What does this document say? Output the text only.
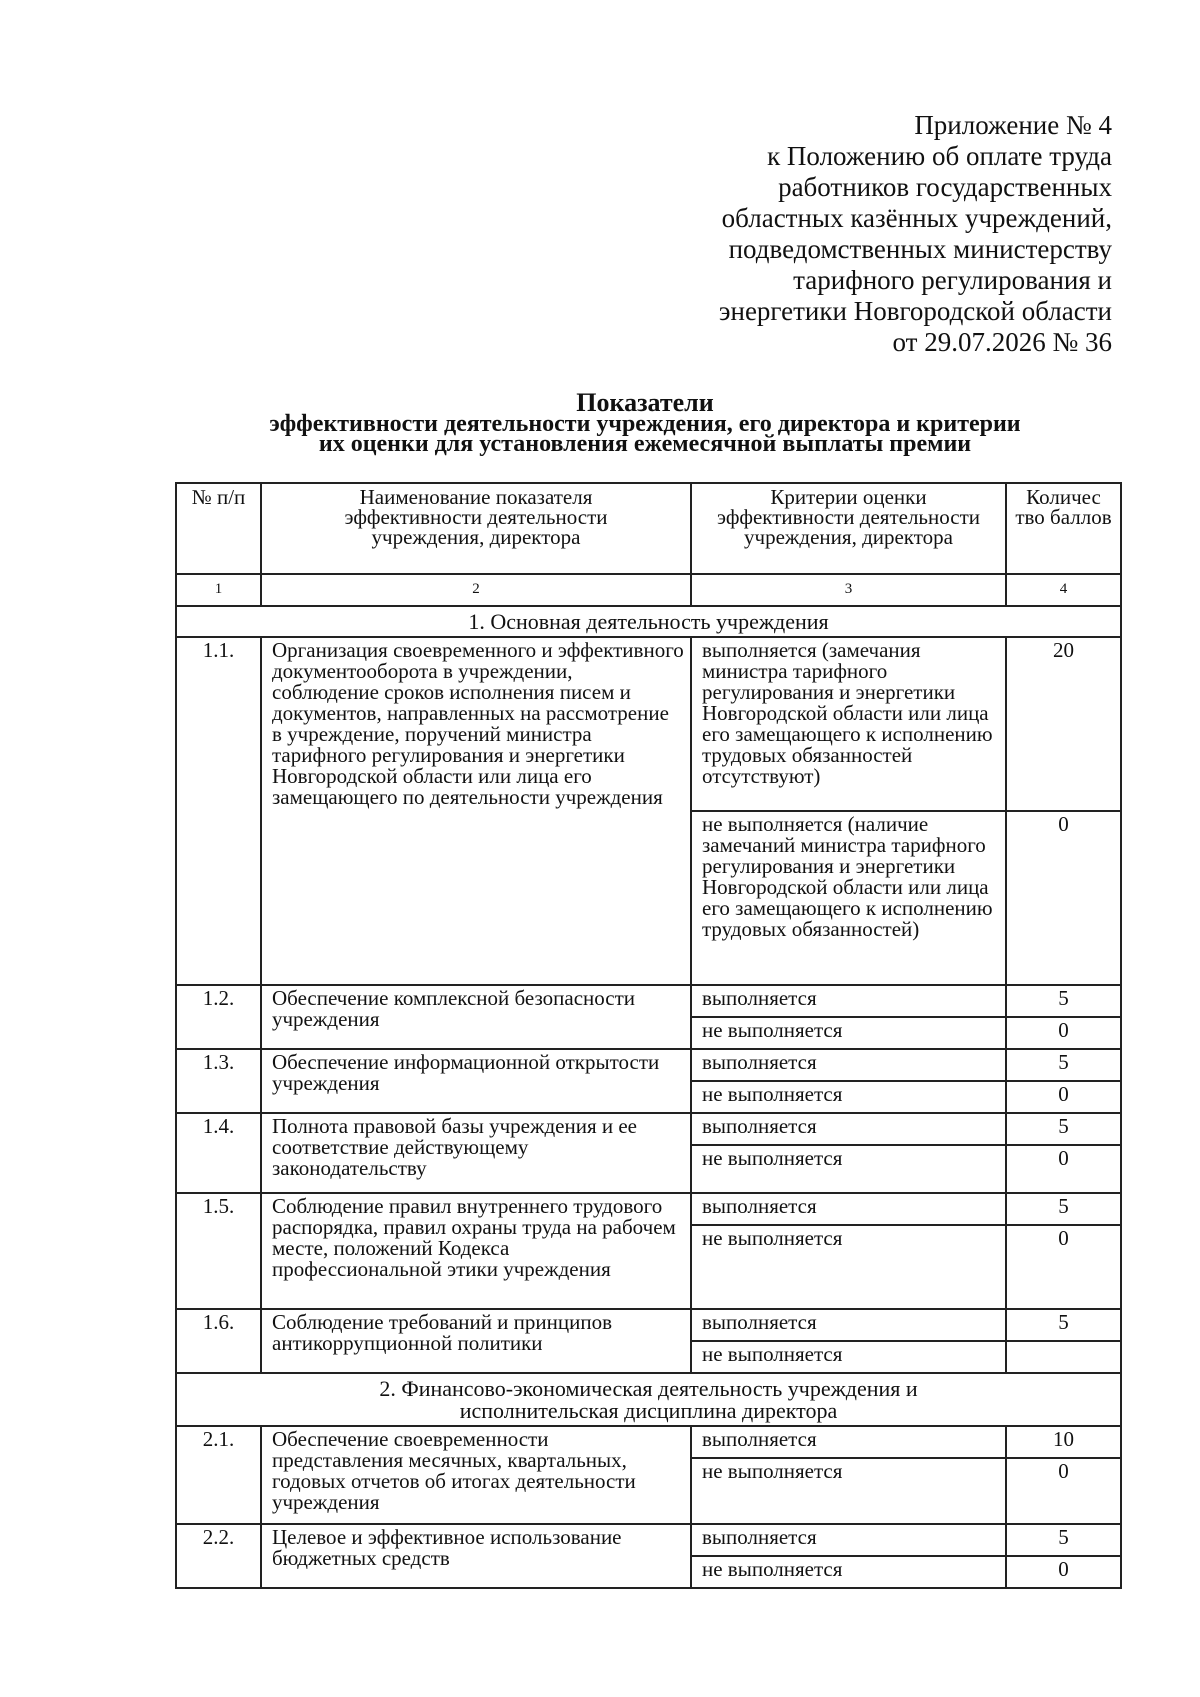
Приложение № 4
к Положению об оплате труда
работников государственных
областных казённых учреждений,
подведомственных министерству
тарифного регулирования и
энергетики Новгородской области
от 29.07.2026 № 36
Показатели
эффективности деятельности учреждения, его директора и критерии
их оценки для установления ежемесячной выплаты премии
№ п/п	Наименование показателя эффективности деятельности учреждения, директора	Критерии оценки эффективности деятельности учреждения, директора	Количес тво баллов
1	2	3	4
1. Основная деятельность учреждения			
1.1.	Организация своевременного и эффективного документооборота в учреждении, соблюдение сроков исполнения писем и документов, направленных на рассмотрение в учреждение, поручений министра тарифного регулирования и энергетики Новгородской области или лица его замещающего по деятельности учреждения	выполняется (замечания министра тарифного регулирования и энергетики Новгородской области или лица его замещающего к исполнению трудовых обязанностей отсутствуют)	20
		не выполняется (наличие замечаний министра тарифного регулирования и энергетики Новгородской области или лица его замещающего к исполнению трудовых обязанностей)	0
1.2.	Обеспечение комплексной безопасности учреждения	выполняется	5
		не выполняется	0
1.3.	Обеспечение информационной открытости учреждения	выполняется	5
		не выполняется	0
1.4.	Полнота правовой базы учреждения и ее соответствие действующему законодательству	выполняется	5
		не выполняется	0
1.5.	Соблюдение правил внутреннего трудового распорядка, правил охраны труда на рабочем месте, положений Кодекса профессиональной этики учреждения	выполняется	5
		не выполняется	0
1.6.	Соблюдение требований и принципов антикоррупционной политики	выполняется	5
		не выполняется	
2. Финансово-экономическая деятельность учреждения и исполнительская дисциплина директора			
2.1.	Обеспечение своевременности представления месячных, квартальных, годовых отчетов об итогах деятельности учреждения	выполняется	10
		не выполняется	0
2.2.	Целевое и эффективное использование бюджетных средств	выполняется	5
		не выполняется	0
